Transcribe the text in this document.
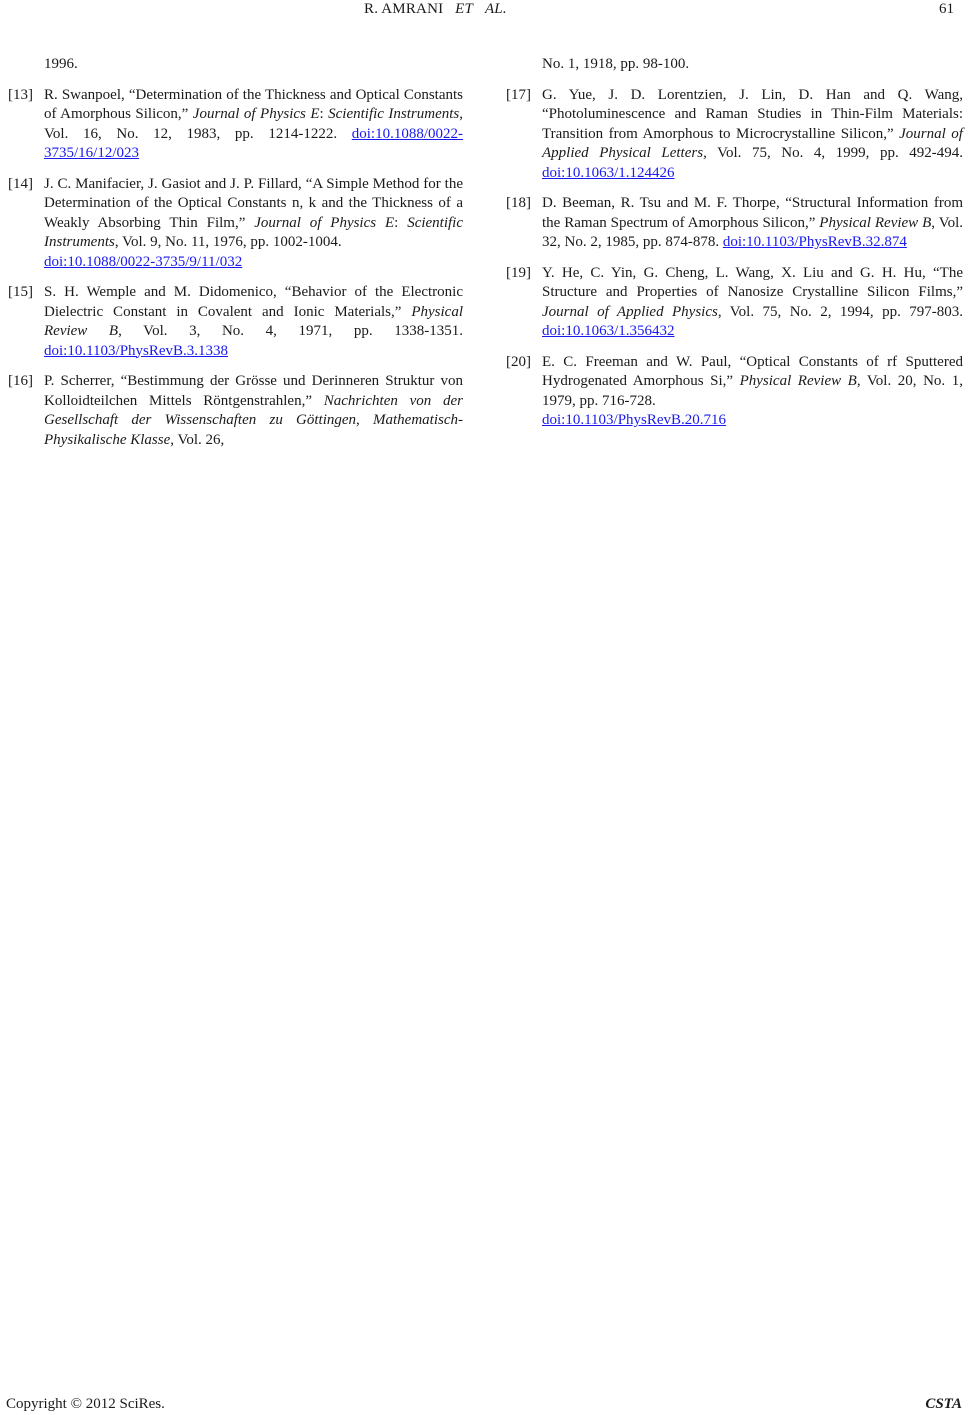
R. AMRANI ET AL.	61
1996.
[13] R. Swanpoel, “Determination of the Thickness and Optical Constants of Amorphous Silicon,” Journal of Physics E: Scientific Instruments, Vol. 16, No. 12, 1983, pp. 1214-1222. doi:10.1088/0022-3735/16/12/023
[14] J. C. Manifacier, J. Gasiot and J. P. Fillard, “A Simple Method for the Determination of the Optical Constants n, k and the Thickness of a Weakly Absorbing Thin Film,” Journal of Physics E: Scientific Instruments, Vol. 9, No. 11, 1976, pp. 1002-1004.
doi:10.1088/0022-3735/9/11/032
[15] S. H. Wemple and M. Didomenico, “Behavior of the Electronic Dielectric Constant in Covalent and Ionic Materials,” Physical Review B, Vol. 3, No. 4, 1971, pp. 1338-1351. doi:10.1103/PhysRevB.3.1338
[16] P. Scherrer, “Bestimmung der Grösse und Derinneren Struktur von Kolloidteilchen Mittels Röntgenstrahlen,” Nachrichten von der Gesellschaft der Wissenschaften zu Göttingen, Mathematisch-Physikalische Klasse, Vol. 26,
No. 1, 1918, pp. 98-100.
[17] G. Yue, J. D. Lorentzien, J. Lin, D. Han and Q. Wang, “Photoluminescence and Raman Studies in Thin-Film Materials: Transition from Amorphous to Microcrystalline Silicon,” Journal of Applied Physical Letters, Vol. 75, No. 4, 1999, pp. 492-494. doi:10.1063/1.124426
[18] D. Beeman, R. Tsu and M. F. Thorpe, “Structural Information from the Raman Spectrum of Amorphous Silicon,” Physical Review B, Vol. 32, No. 2, 1985, pp. 874-878. doi:10.1103/PhysRevB.32.874
[19] Y. He, C. Yin, G. Cheng, L. Wang, X. Liu and G. H. Hu, “The Structure and Properties of Nanosize Crystalline Silicon Films,” Journal of Applied Physics, Vol. 75, No. 2, 1994, pp. 797-803. doi:10.1063/1.356432
[20] E. C. Freeman and W. Paul, “Optical Constants of rf Sputtered Hydrogenated Amorphous Si,” Physical Review B, Vol. 20, No. 1, 1979, pp. 716-728.
doi:10.1103/PhysRevB.20.716
Copyright © 2012 SciRes.	CSTA
